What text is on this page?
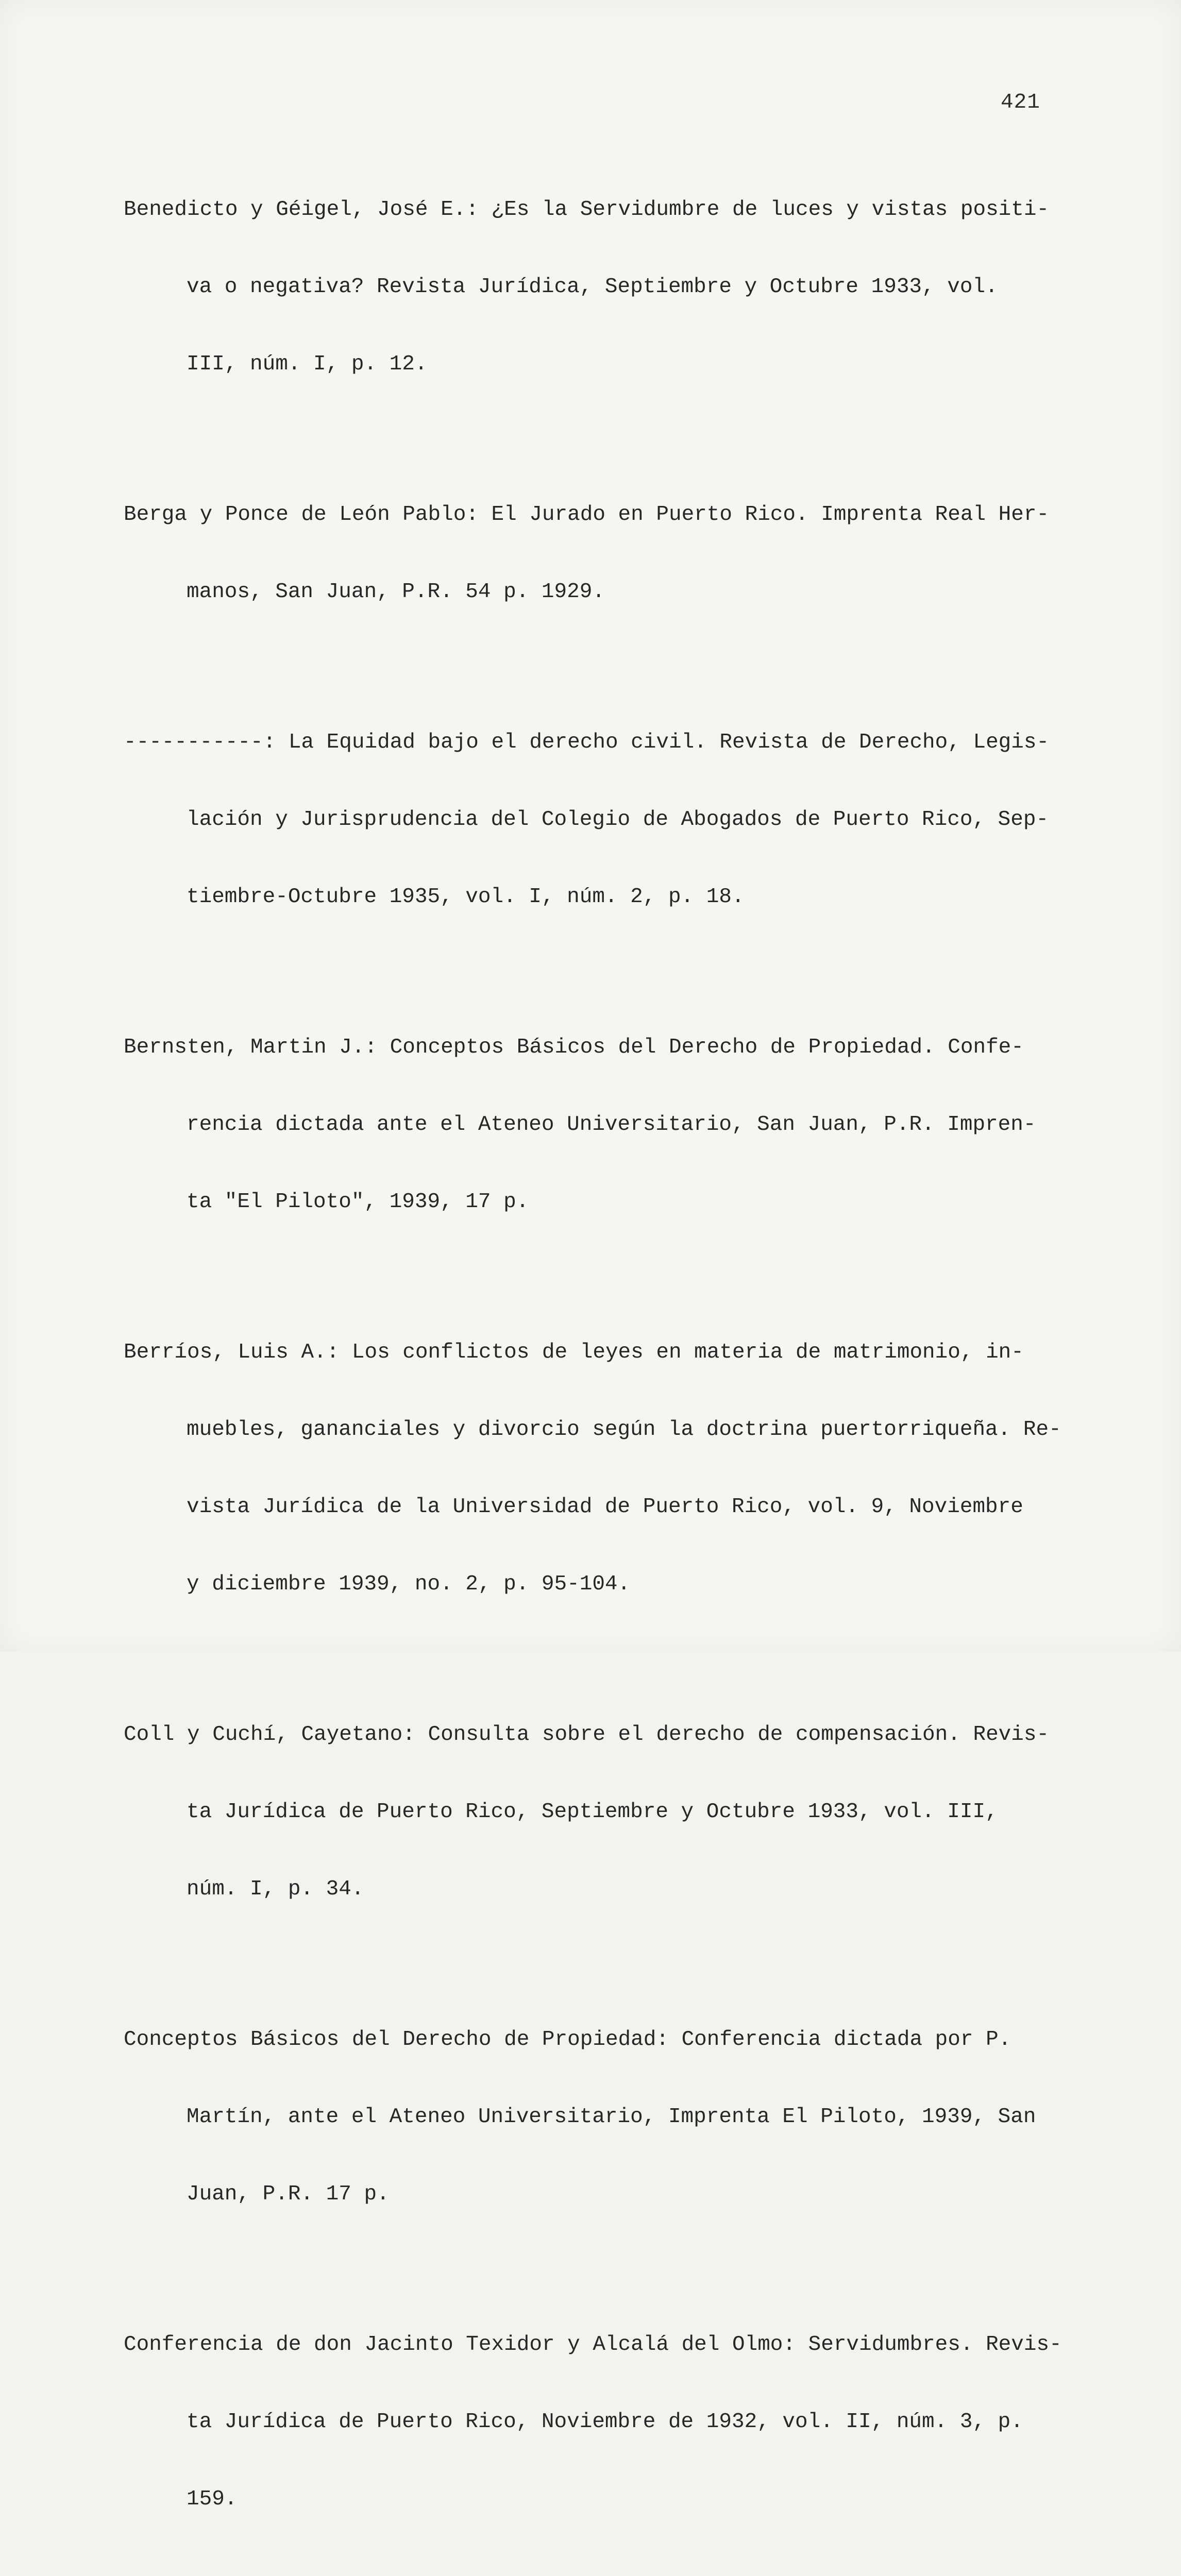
421

Benedicto y Géigel, José E.: ¿Es la Servidumbre de luces y vistas positi-

va o negativa? Revista Jurídica, Septiembre y Octubre 1933, vol.

III, núm. I, p. 12.

Berga y Ponce de León Pablo: El Jurado en Puerto Rico. Imprenta Real Her-

manos, San Juan, P.R. 54 p. 1929.

-----------: La Equidad bajo el derecho civil. Revista de Derecho, Legis-

lación y Jurisprudencia del Colegio de Abogados de Puerto Rico, Sep-

tiembre-Octubre 1935, vol. I, núm. 2, p. 18.

Bernsten, Martin J.: Conceptos Básicos del Derecho de Propiedad. Confe-

rencia dictada ante el Ateneo Universitario, San Juan, P.R. Impren-

ta "El Piloto", 1939, 17 p.

Berríos, Luis A.: Los conflictos de leyes en materia de matrimonio, in-

muebles, gananciales y divorcio según la doctrina puertorriqueña. Re-

vista Jurídica de la Universidad de Puerto Rico, vol. 9, Noviembre

y diciembre 1939, no. 2, p. 95-104.

Coll y Cuchí, Cayetano: Consulta sobre el derecho de compensación. Revis-

ta Jurídica de Puerto Rico, Septiembre y Octubre 1933, vol. III,

núm. I, p. 34.

Conceptos Básicos del Derecho de Propiedad: Conferencia dictada por P.

Martín, ante el Ateneo Universitario, Imprenta El Piloto, 1939, San

Juan, P.R. 17 p.

Conferencia de don Jacinto Texidor y Alcalá del Olmo: Servidumbres. Revis-

ta Jurídica de Puerto Rico, Noviembre de 1932, vol. II, núm. 3, p.

159.
